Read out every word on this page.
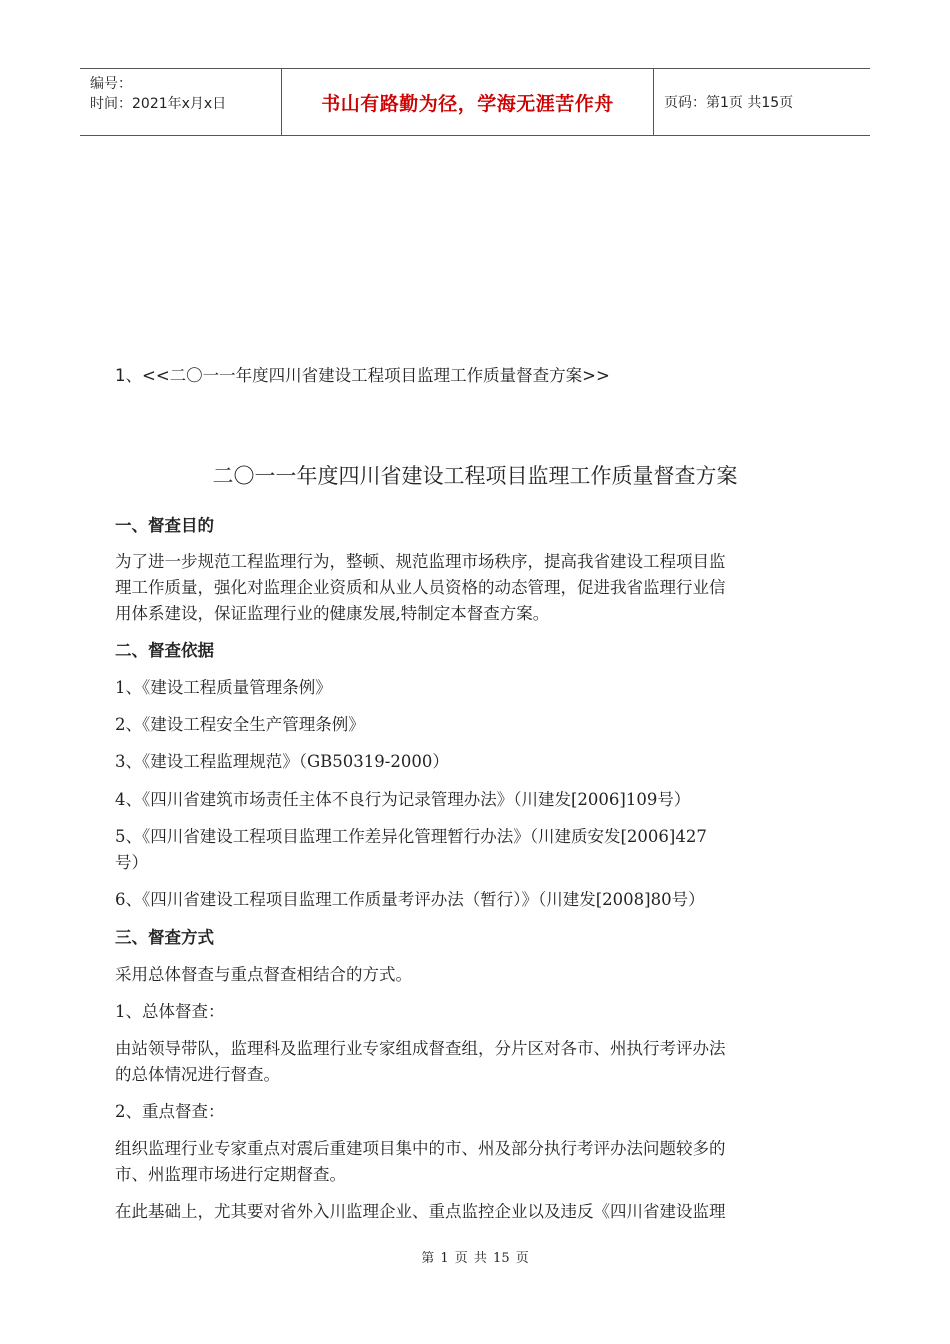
编号：
时间：2021年x月x日	书山有路勤为径，学海无涯苦作舟	页码：第1页 共15页
1、<<二〇一一年度四川省建设工程项目监理工作质量督查方案>>
二〇一一年度四川省建设工程项目监理工作质量督查方案
一、督查目的
为了进一步规范工程监理行为，整顿、规范监理市场秩序，提高我省建设工程项目监
理工作质量，强化对监理企业资质和从业人员资格的动态管理，促进我省监理行业信
用体系建设，保证监理行业的健康发展,特制定本督查方案。
二、督查依据
1、《建设工程质量管理条例》
2、《建设工程安全生产管理条例》
3、《建设工程监理规范》（GB50319-2000）
4、《四川省建筑市场责任主体不良行为记录管理办法》（川建发[2006]109号）
5、《四川省建设工程项目监理工作差异化管理暂行办法》（川建质安发[2006]427
号）
6、《四川省建设工程项目监理工作质量考评办法（暂行）》（川建发[2008]80号）
三、督查方式
采用总体督查与重点督查相结合的方式。
1、总体督查：
由站领导带队，监理科及监理行业专家组成督查组，分片区对各市、州执行考评办法
的总体情况进行督查。
2、重点督查：
组织监理行业专家重点对震后重建项目集中的市、州及部分执行考评办法问题较多的
市、州监理市场进行定期督查。
在此基础上，尤其要对省外入川监理企业、重点监控企业以及违反《四川省建设监理
第 1 页 共 15 页
